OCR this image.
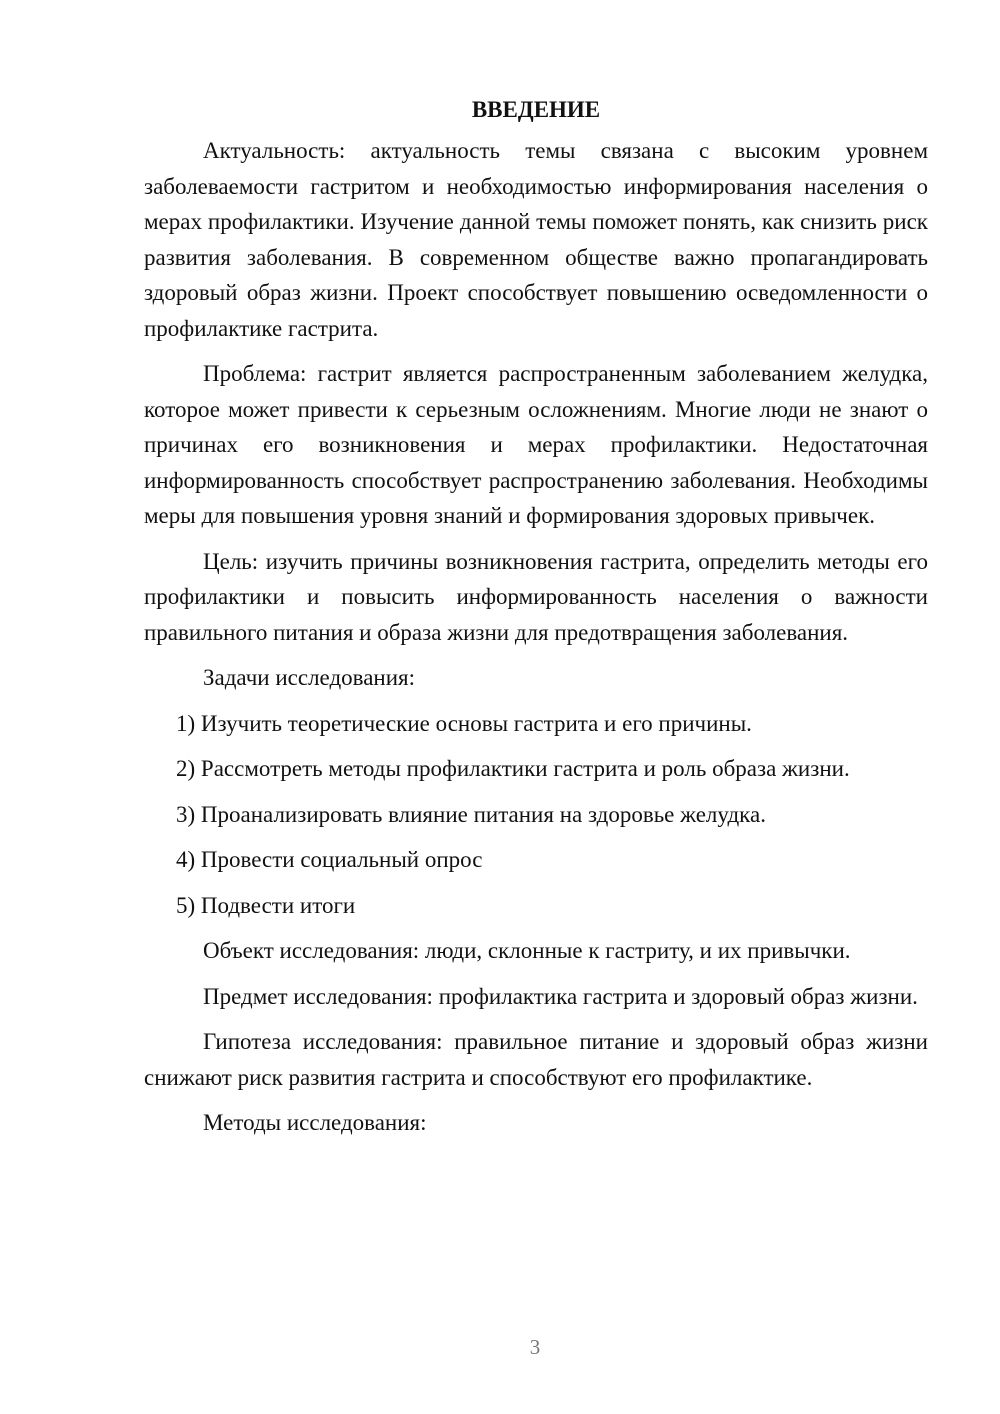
ВВЕДЕНИЕ

Актуальность: актуальность темы связана с высоким уровнем заболеваемости гастритом и необходимостью информирования населения о мерах профилактики. Изучение данной темы поможет понять, как снизить риск развития заболевания. В современном обществе важно пропагандировать здоровый образ жизни. Проект способствует повышению осведомленности о профилактике гастрита.

Проблема: гастрит является распространенным заболеванием желудка, которое может привести к серьезным осложнениям. Многие люди не знают о причинах его возникновения и мерах профилактики. Недостаточная информированность способствует распространению заболевания. Необходимы меры для повышения уровня знаний и формирования здоровых привычек.

Цель: изучить причины возникновения гастрита, определить методы его профилактики и повысить информированность населения о важности правильного питания и образа жизни для предотвращения заболевания.

Задачи исследования:

1) Изучить теоретические основы гастрита и его причины.
2) Рассмотреть методы профилактики гастрита и роль образа жизни.
3) Проанализировать влияние питания на здоровье желудка.
4) Провести социальный опрос
5) Подвести итоги

Объект исследования: люди, склонные к гастриту, и их привычки.

Предмет исследования: профилактика гастрита и здоровый образ жизни.

Гипотеза исследования: правильное питание и здоровый образ жизни снижают риск развития гастрита и способствуют его профилактике.

Методы исследования:

3
